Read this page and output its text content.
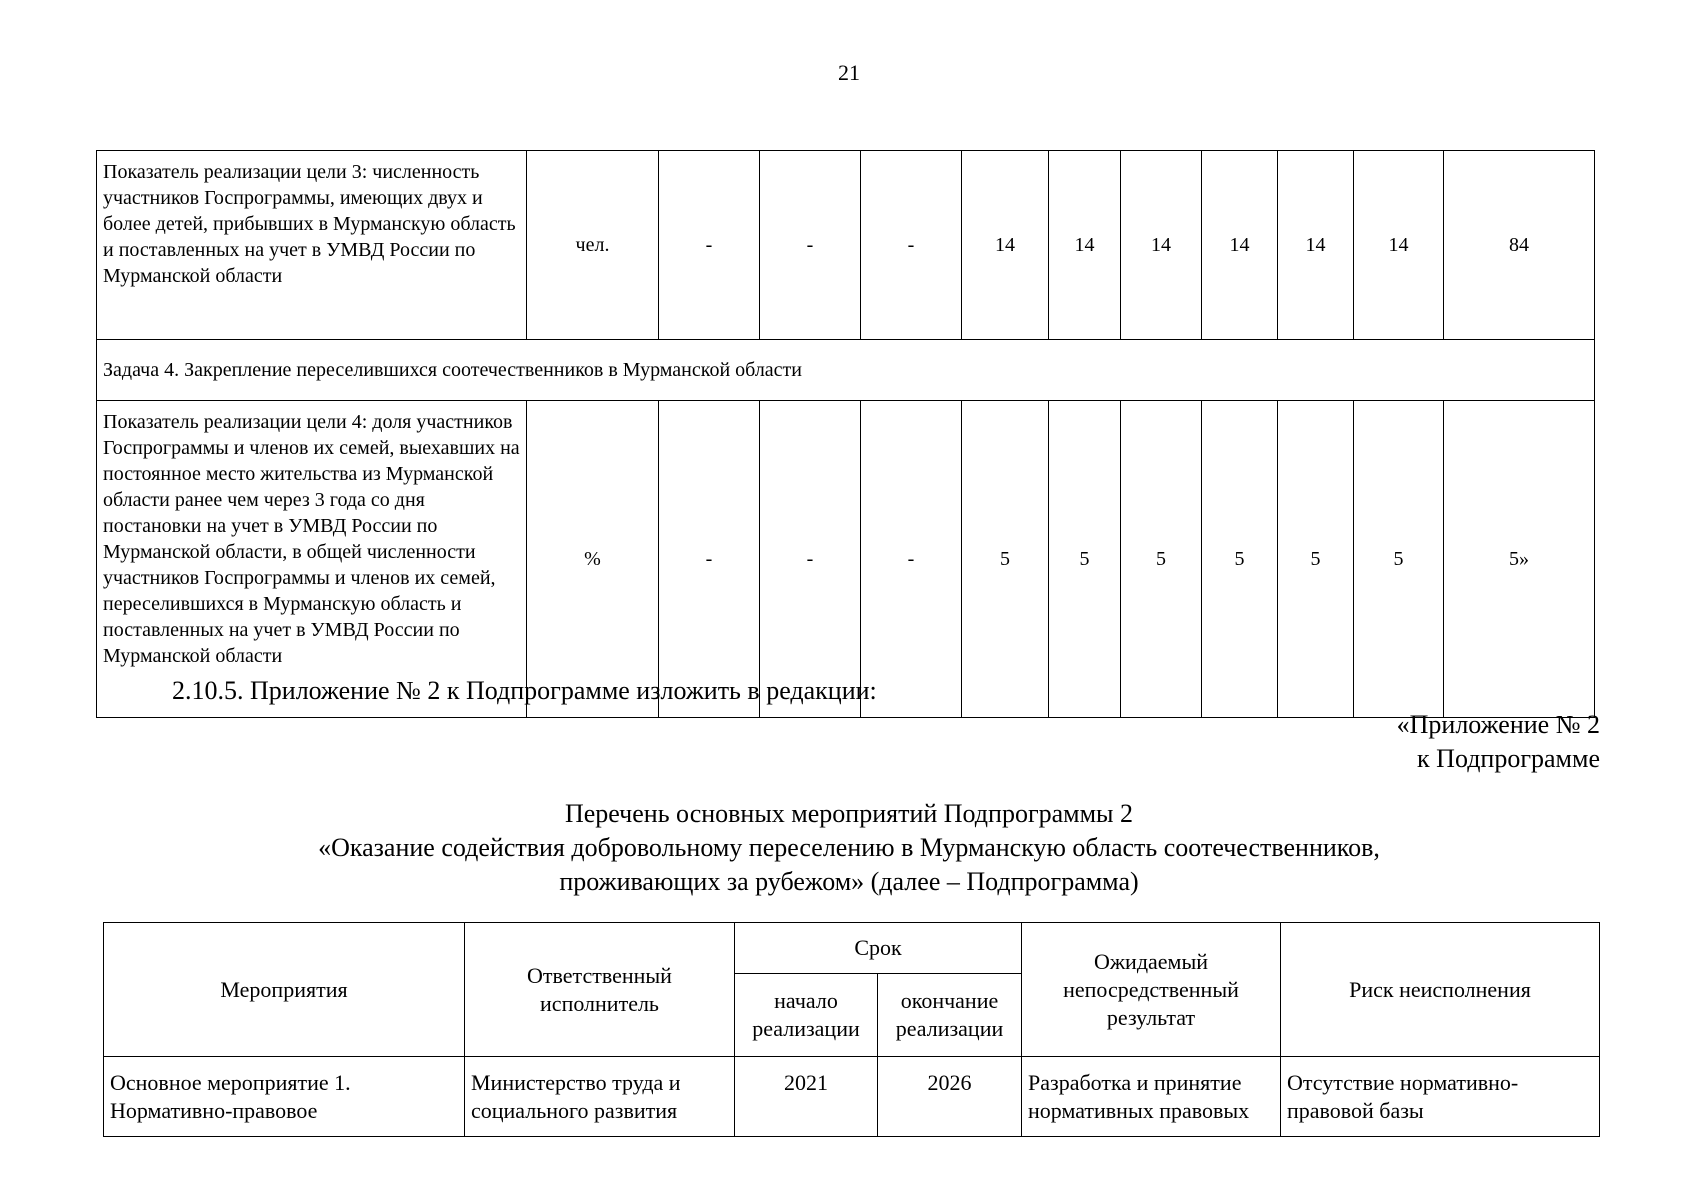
21
Показатель реализации цели 3: численность участников Госпрограммы, имеющих двух и более детей, прибывших в Мурманскую область и поставленных на учет в УМВД России по Мурманской области	чел.	-	-	-	14	14	14	14	14	14	84
Задача 4. Закрепление переселившихся соотечественников в Мурманской области											
Показатель реализации цели 4: доля участников Госпрограммы и членов их семей, выехавших на постоянное место жительства из Мурманской области ранее чем через 3 года со дня постановки на учет в УМВД России по Мурманской области, в общей численности участников Госпрограммы и членов их семей, переселившихся в Мурманскую область и поставленных на учет в УМВД России по Мурманской области	%	-	-	-	5	5	5	5	5	5	5»
2.10.5. Приложение № 2 к Подпрограмме изложить в редакции:
«Приложение № 2
к Подпрограмме
Перечень основных мероприятий Подпрограммы 2
«Оказание содействия добровольному переселению в Мурманскую область соотечественников,
проживающих за рубежом» (далее – Подпрограмма)
Мероприятия	Ответственный исполнитель	Срок		Ожидаемый непосредственный результат	Риск неисполнения
		начало реализации	окончание реализации		
Основное мероприятие 1. Нормативно-правовое	Министерство труда и социального развития	2021	2026	Разработка и принятие нормативных правовых	Отсутствие нормативно-правовой базы
